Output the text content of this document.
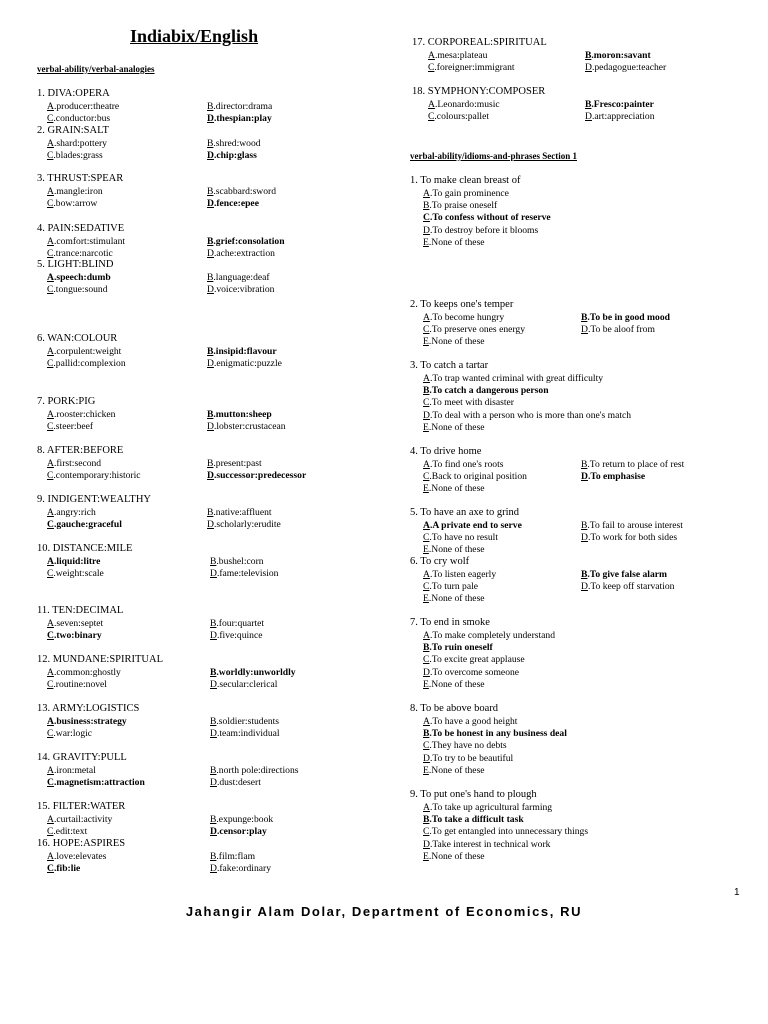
Indiabix/English
verbal-ability/verbal-analogies
1. DIVA:OPERA
A.producer:theatre	B.director:drama
C.conductor:bus	D.thespian:play
2. GRAIN:SALT
A.shard:pottery	B.shred:wood
C.blades:grass	D.chip:glass
3. THRUST:SPEAR
A.mangle:iron	B.scabbard:sword
C.bow:arrow	D.fence:epee
4. PAIN:SEDATIVE
A.comfort:stimulant	B.grief:consolation
C.trance:narcotic	D.ache:extraction
5. LIGHT:BLIND
A.speech:dumb	B.language:deaf
C.tongue:sound	D.voice:vibration
6. WAN:COLOUR
A.corpulent:weight	B.insipid:flavour
C.pallid:complexion	D.enigmatic:puzzle
7. PORK:PIG
A.rooster:chicken	B.mutton:sheep
C.steer:beef	D.lobster:crustacean
8. AFTER:BEFORE
A.first:second	B.present:past
C.contemporary:historic	D.successor:predecessor
9. INDIGENT:WEALTHY
A.angry:rich	B.native:affluent
C.gauche:graceful	D.scholarly:erudite
10. DISTANCE:MILE
A.liquid:litre	B.bushel:corn
C.weight:scale	D.fame:television
11. TEN:DECIMAL
A.seven:septet	B.four:quartet
C.two:binary	D.five:quince
12. MUNDANE:SPIRITUAL
A.common:ghostly	B.worldly:unworldly
C.routine:novel	D.secular:clerical
13. ARMY:LOGISTICS
A.business:strategy	B.soldier:students
C.war:logic	D.team:individual
14. GRAVITY:PULL
A.iron:metal	B.north pole:directions
C.magnetism:attraction	D.dust:desert
15. FILTER:WATER
A.curtail:activity	B.expunge:book
C.edit:text	D.censor:play
16. HOPE:ASPIRES
A.love:elevates	B.film:flam
C.fib:lie	D.fake:ordinary
17. CORPOREAL:SPIRITUAL
A.mesa:plateau	B.moron:savant
C.foreigner:immigrant	D.pedagogue:teacher
18. SYMPHONY:COMPOSER
A.Leonardo:music	B.Fresco:painter
C.colours:pallet	D.art:appreciation
verbal-ability/idioms-and-phrases Section 1
1. To make clean breast of
A.To gain prominence
B.To praise oneself
C.To confess without of reserve
D.To destroy before it blooms
E.None of these
2. To keeps one's temper
A.To become hungry	B.To be in good mood
C.To preserve ones energy	D.To be aloof from
E.None of these
3. To catch a tartar
A.To trap wanted criminal with great difficulty
B.To catch a dangerous person
C.To meet with disaster
D.To deal with a person who is more than one's match
E.None of these
4. To drive home
A.To find one's roots	B.To return to place of rest
C.Back to original position	D.To emphasise
E.None of these
5. To have an axe to grind
A.A private end to serve	B.To fail to arouse interest
C.To have no result	D.To work for both sides
E.None of these
6. To cry wolf
A.To listen eagerly	B.To give false alarm
C.To turn pale	D.To keep off starvation
E.None of these
7. To end in smoke
A.To make completely understand
B.To ruin oneself
C.To excite great applause
D.To overcome someone
E.None of these
8. To be above board
A.To have a good height
B.To be honest in any business deal
C.They have no debts
D.To try to be beautiful
E.None of these
9. To put one's hand to plough
A.To take up agricultural farming
B.To take a difficult task
C.To get entangled into unnecessary things
D.Take interest in technical work
E.None of these
1
Jahangir Alam Dolar, Department of Economics, RU
